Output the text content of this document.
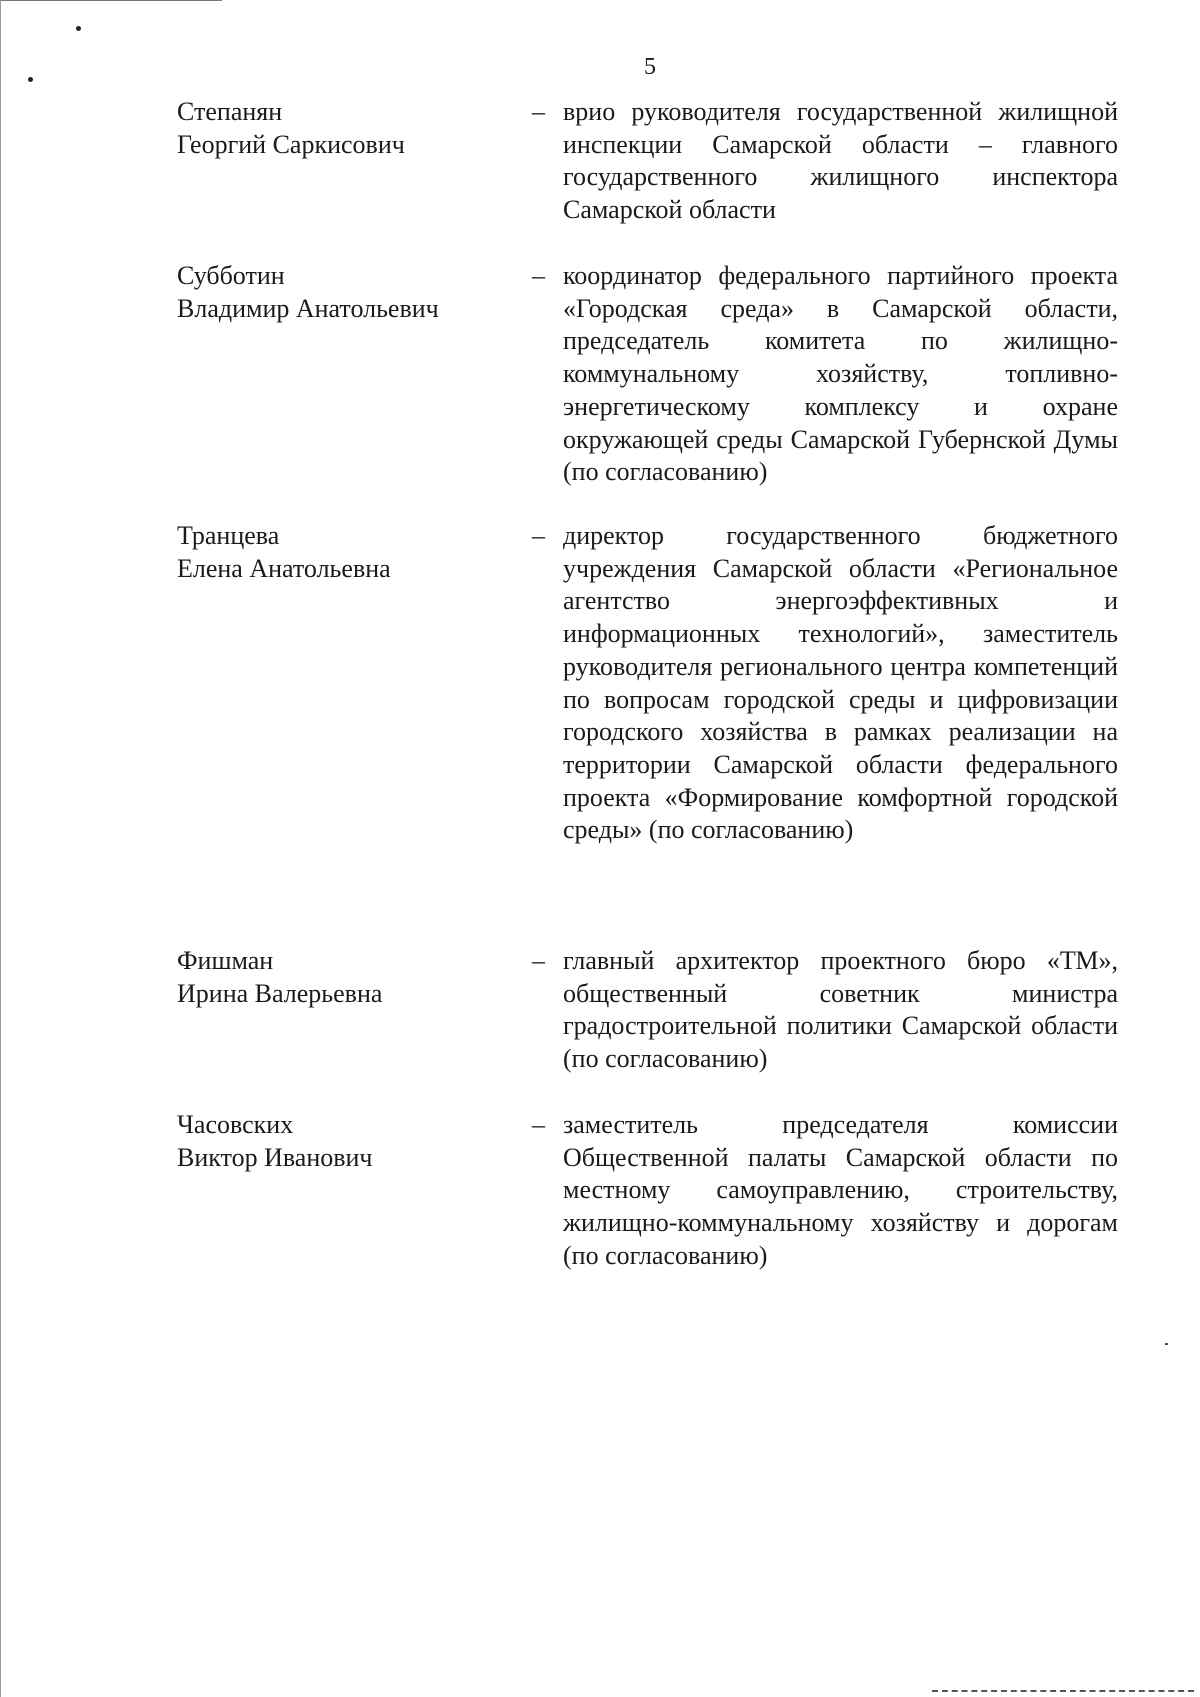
5
Степанян
Георгий Саркисович
– врио руководителя государственной жилищной инспекции Самарской области – главного государственного жилищного инспектора Самарской области
Субботин
Владимир Анатольевич
– координатор федерального партийного проекта «Городская среда» в Самарской области, председатель комитета по жилищно-коммунальному хозяйству, топливно-энергетическому комплексу и охране окружающей среды Самарской Губернской Думы (по согласованию)
Транцева
Елена Анатольевна
– директор государственного бюджетного учреждения Самарской области «Региональное агентство энергоэффективных и информационных технологий», заместитель руководителя регионального центра компетенций по вопросам городской среды и цифровизации городского хозяйства в рамках реализации на территории Самарской области федерального проекта «Формирование комфортной городской среды» (по согласованию)
Фишман
Ирина Валерьевна
– главный архитектор проектного бюро «ТМ», общественный советник министра градостроительной политики Самарской области (по согласованию)
Часовских
Виктор Иванович
– заместитель председателя комиссии Общественной палаты Самарской области по местному самоуправлению, строительству, жилищно-коммунальному хозяйству и дорогам (по согласованию)
